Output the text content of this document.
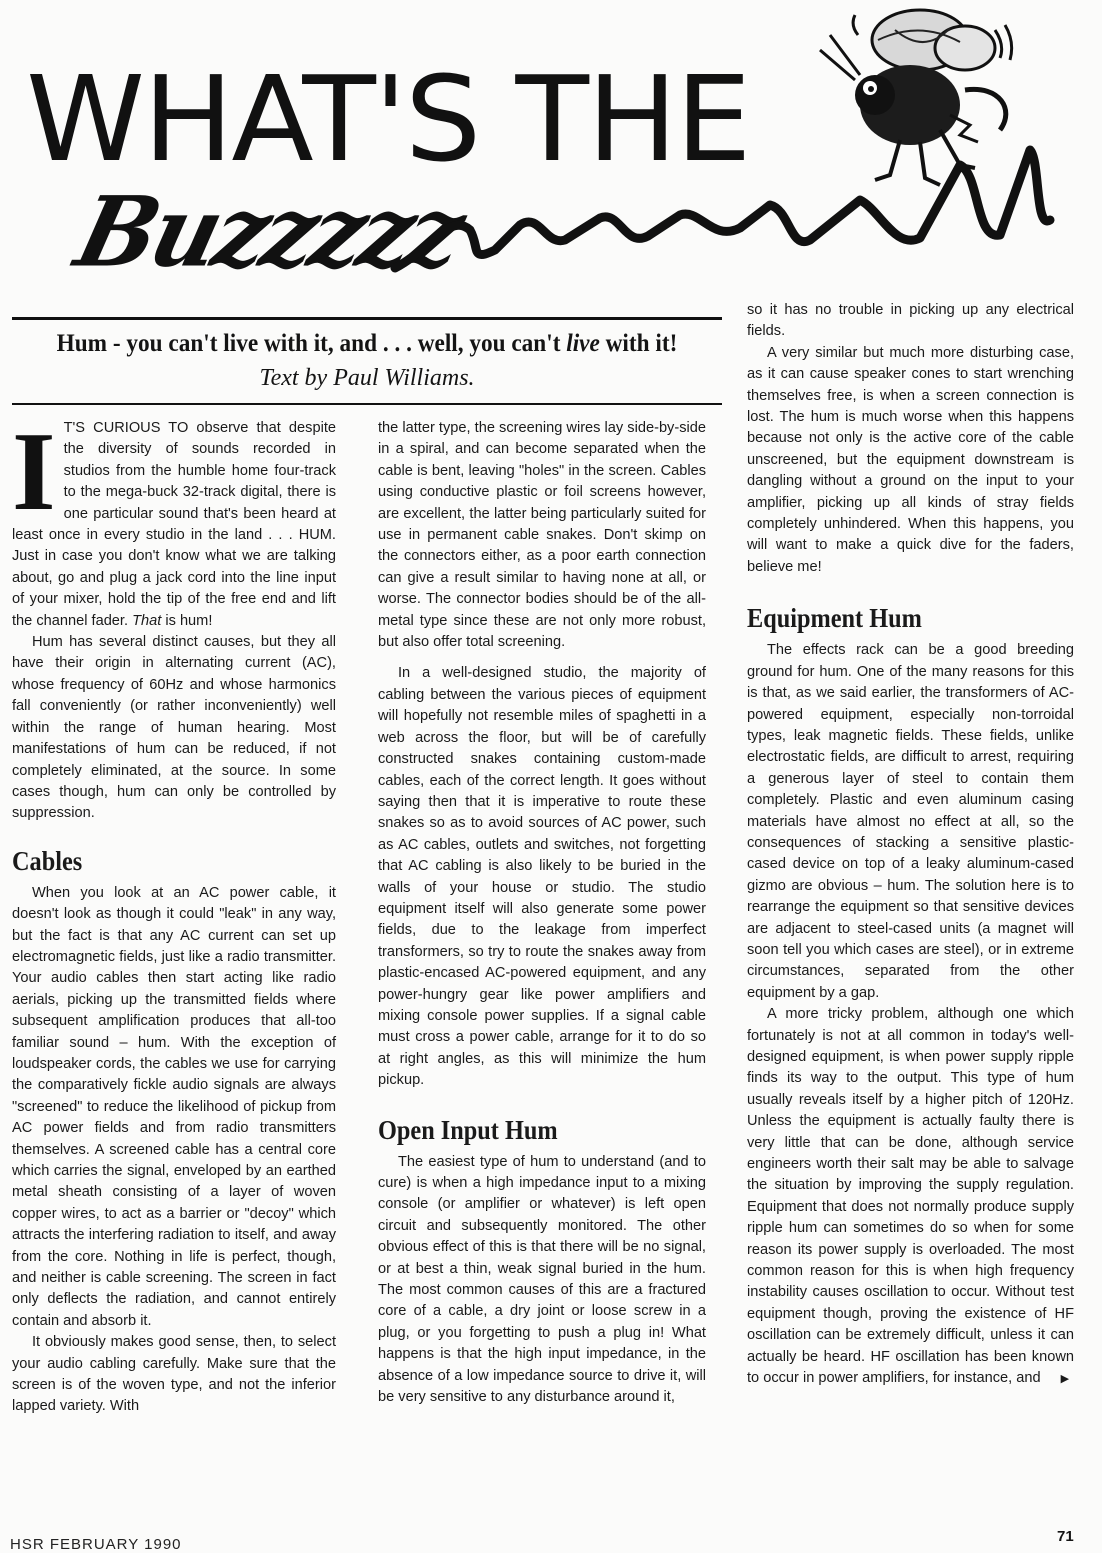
WHAT'S THE
Buzzzzz
Hum - you can't live with it, and . . . well, you can't live with it!
Text by Paul Williams.

I T'S CURIOUS TO observe that despite the diversity of sounds recorded in studios from the humble home four-track to the mega-buck 32-track digital, there is one particular sound that's been heard at least once in every studio in the land . . . HUM. Just in case you don't know what we are talking about, go and plug a jack cord into the line input of your mixer, hold the tip of the free end and lift the channel fader. That is hum!

Hum has several distinct causes, but they all have their origin in alternating current (AC), whose frequency of 60Hz and whose harmonics fall conveniently (or rather inconveniently) well within the range of human hearing. Most manifestations of hum can be reduced, if not completely eliminated, at the source. In some cases though, hum can only be controlled by suppression.

Cables

When you look at an AC power cable, it doesn't look as though it could "leak" in any way, but the fact is that any AC current can set up electromagnetic fields, just like a radio transmitter. Your audio cables then start acting like radio aerials, picking up the transmitted fields where subsequent amplification produces that all-too familiar sound – hum. With the exception of loudspeaker cords, the cables we use for carrying the comparatively fickle audio signals are always "screened" to reduce the likelihood of pickup from AC power fields and from radio transmitters themselves. A screened cable has a central core which carries the signal, enveloped by an earthed metal sheath consisting of a layer of woven copper wires, to act as a barrier or "decoy" which attracts the interfering radiation to itself, and away from the core. Nothing in life is perfect, though, and neither is cable screening. The screen in fact only deflects the radiation, and cannot entirely contain and absorb it.

It obviously makes good sense, then, to select your audio cabling carefully. Make sure that the screen is of the woven type, and not the inferior lapped variety. With

the latter type, the screening wires lay side-by-side in a spiral, and can become separated when the cable is bent, leaving "holes" in the screen. Cables using conductive plastic or foil screens however, are excellent, the latter being particularly suited for use in permanent cable snakes. Don't skimp on the connectors either, as a poor earth connection can give a result similar to having none at all, or worse. The connector bodies should be of the all-metal type since these are not only more robust, but also offer total screening.

In a well-designed studio, the majority of cabling between the various pieces of equipment will hopefully not resemble miles of spaghetti in a web across the floor, but will be of carefully constructed snakes containing custom-made cables, each of the correct length. It goes without saying then that it is imperative to route these snakes so as to avoid sources of AC power, such as AC cables, outlets and switches, not forgetting that AC cabling is also likely to be buried in the walls of your house or studio. The studio equipment itself will also generate some power fields, due to the leakage from imperfect transformers, so try to route the snakes away from plastic-encased AC-powered equipment, and any power-hungry gear like power amplifiers and mixing console power supplies. If a signal cable must cross a power cable, arrange for it to do so at right angles, as this will minimize the hum pickup.

Open Input Hum

The easiest type of hum to understand (and to cure) is when a high impedance input to a mixing console (or amplifier or whatever) is left open circuit and subsequently monitored. The other obvious effect of this is that there will be no signal, or at best a thin, weak signal buried in the hum. The most common causes of this are a fractured core of a cable, a dry joint or loose screw in a plug, or you forgetting to push a plug in! What happens is that the high input impedance, in the absence of a low impedance source to drive it, will be very sensitive to any disturbance around it,

so it has no trouble in picking up any electrical fields.

A very similar but much more disturbing case, as it can cause speaker cones to start wrenching themselves free, is when a screen connection is lost. The hum is much worse when this happens because not only is the active core of the cable unscreened, but the equipment downstream is dangling without a ground on the input to your amplifier, picking up all kinds of stray fields completely unhindered. When this happens, you will want to make a quick dive for the faders, believe me!

Equipment Hum

The effects rack can be a good breeding ground for hum. One of the many reasons for this is that, as we said earlier, the transformers of AC-powered equipment, especially non-torroidal types, leak magnetic fields. These fields, unlike electrostatic fields, are difficult to arrest, requiring a generous layer of steel to contain them completely. Plastic and even aluminum casing materials have almost no effect at all, so the consequences of stacking a sensitive plastic-cased device on top of a leaky aluminum-cased gizmo are obvious – hum. The solution here is to rearrange the equipment so that sensitive devices are adjacent to steel-cased units (a magnet will soon tell you which cases are steel), or in extreme circumstances, separated from the other equipment by a gap.

A more tricky problem, although one which fortunately is not at all common in today's well-designed equipment, is when power supply ripple finds its way to the output. This type of hum usually reveals itself by a higher pitch of 120Hz. Unless the equipment is actually faulty there is very little that can be done, although service engineers worth their salt may be able to salvage the situation by improving the supply regulation. Equipment that does not normally produce supply ripple hum can sometimes do so when for some reason its power supply is overloaded. The most common reason for this is when high frequency instability causes oscillation to occur. Without test equipment though, proving the existence of HF oscillation can be extremely difficult, unless it can actually be heard. HF oscillation has been known to occur in power amplifiers, for instance, and ▶

HSR FEBRUARY 1990	71
